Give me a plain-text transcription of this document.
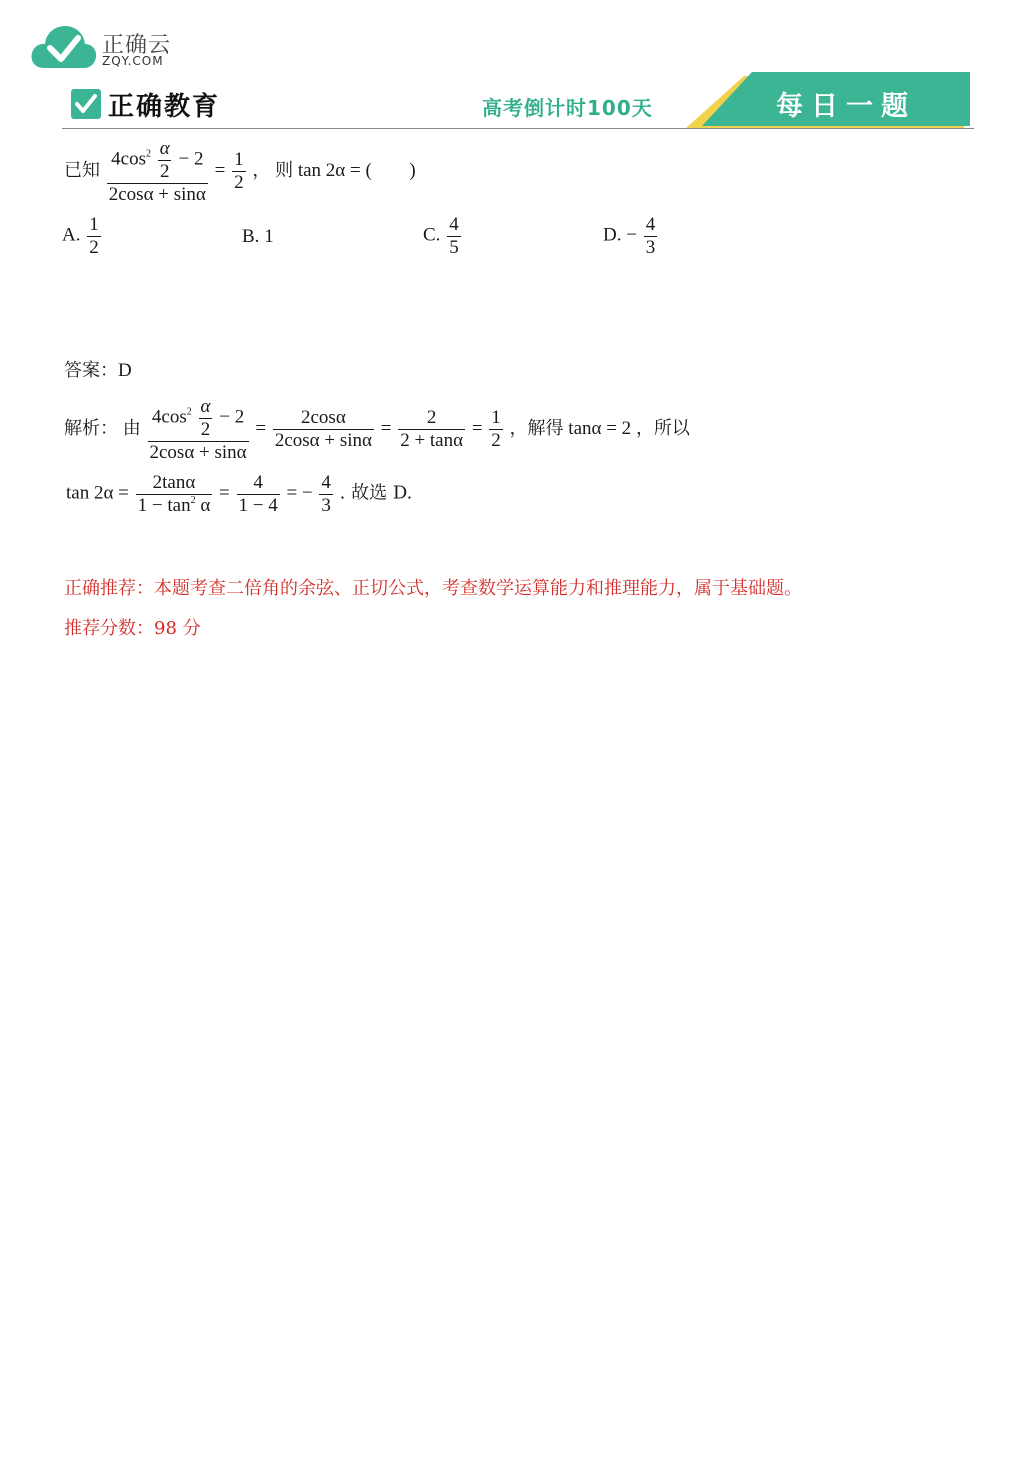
正确云
ZQY.COM
正确教育	高考倒计时100天	每日一题
已知 $\frac{4\cos^2 \frac{\alpha}{2} - 2}{2\cos\alpha + \sin\alpha} = \frac{1}{2}$ ， 则 tan 2α = ( )
A. $\frac{1}{2}$	B. 1	C. $\frac{4}{5}$	D. − $\frac{4}{3}$
答案：D
解析： 由 $\frac{4\cos^2 \frac{\alpha}{2} - 2}{2\cos\alpha + \sin\alpha} = \frac{2\cos\alpha}{2\cos\alpha + \sin\alpha} = \frac{2}{2 + \tan\alpha} = \frac{1}{2}$ ，解得 tanα = 2 ，所以
$\tan 2\alpha = \frac{2\tan\alpha}{1 - \tan^2 \alpha} = \frac{4}{1 - 4}$ = − $\frac{4}{3}$ . 故选 D.
正确推荐：本题考查二倍角的余弦、正切公式，考查数学运算能力和推理能力，属于基础题。
推荐分数：98 分
